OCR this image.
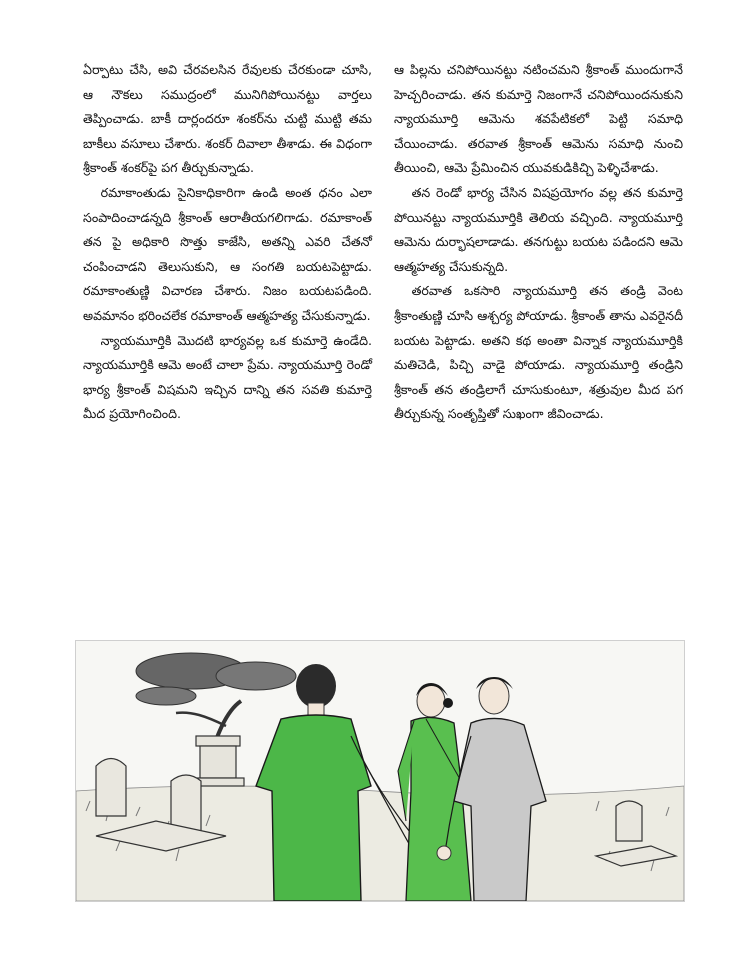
ఏర్పాటు చేసి, అవి చేరవలసిన రేవులకు చేరకుండా చూసి, ఆ నౌకలు సముద్రంలో మునిగిపోయినట్టు వార్తలు తెప్పించాడు. బాకీ దార్లందరూ శంకర్‌ను చుట్టి ముట్టి తమ బాకీలు వసూలు చేశారు. శంకర్ దివాలా తీశాడు. ఈ విధంగా శ్రీకాంత్ శంకర్‌పై పగ తీర్చుకున్నాడు.

రమాకాంతుడు సైనికాధికారిగా ఉండి అంత ధనం ఎలా సంపాదించాడన్నది శ్రీకాంత్ ఆరాతీయగలిగాడు. రమాకాంత్ తన పై అధికారి సొత్తు కాజేసి, అతన్ని ఎవరి చేతనో చంపించాడని తెలుసుకుని, ఆ సంగతి బయటపెట్టాడు. రమాకాంతుణ్ణి విచారణ చేశారు. నిజం బయటపడింది. అవమానం భరించలేక రమాకాంత్ ఆత్మహత్య చేసుకున్నాడు.

న్యాయమూర్తికి మొదటి భార్యవల్ల ఒక కుమార్తె ఉండేది. న్యాయమూర్తికి ఆమె అంటే చాలా ప్రేమ. న్యాయమూర్తి రెండో భార్య శ్రీకాంత్ విషమని ఇచ్చిన దాన్ని తన సవతి కుమార్తె మీద ప్రయోగించింది.

ఆ పిల్లను చనిపోయినట్టు నటించమని శ్రీకాంత్ ముందుగానే హెచ్చరించాడు. తన కుమార్తె నిజంగానే చనిపోయిందనుకుని న్యాయమూర్తి ఆమెను శవపేటికలో పెట్టి సమాధి చేయించాడు. తరవాత శ్రీకాంత్ ఆమెను సమాధి నుంచి తీయించి, ఆమె ప్రేమించిన యువకుడికిచ్చి పెళ్ళిచేశాడు.

తన రెండో భార్య చేసిన విషప్రయోగం వల్ల తన కుమార్తె పోయినట్టు న్యాయమూర్తికి తెలియ వచ్చింది. న్యాయమూర్తి ఆమెను దుర్భాషలాడాడు. తనగుట్టు బయట పడిందని ఆమె ఆత్మహత్య చేసుకున్నది.

తరవాత ఒకసారి న్యాయమూర్తి తన తండ్రి వెంట శ్రీకాంతుణ్ణి చూసి ఆశ్చర్య పోయాడు. శ్రీకాంత్ తాను ఎవరైనదీ బయట పెట్టాడు. అతని కథ అంతా విన్నాక న్యాయమూర్తికి మతిచెడి, పిచ్చి వాడై పోయాడు. న్యాయమూర్తి తండ్రిని శ్రీకాంత్ తన తండ్రిలాగే చూసుకుంటూ, శత్రువుల మీద పగ తీర్చుకున్న సంతృప్తితో సుఖంగా జీవించాడు.
